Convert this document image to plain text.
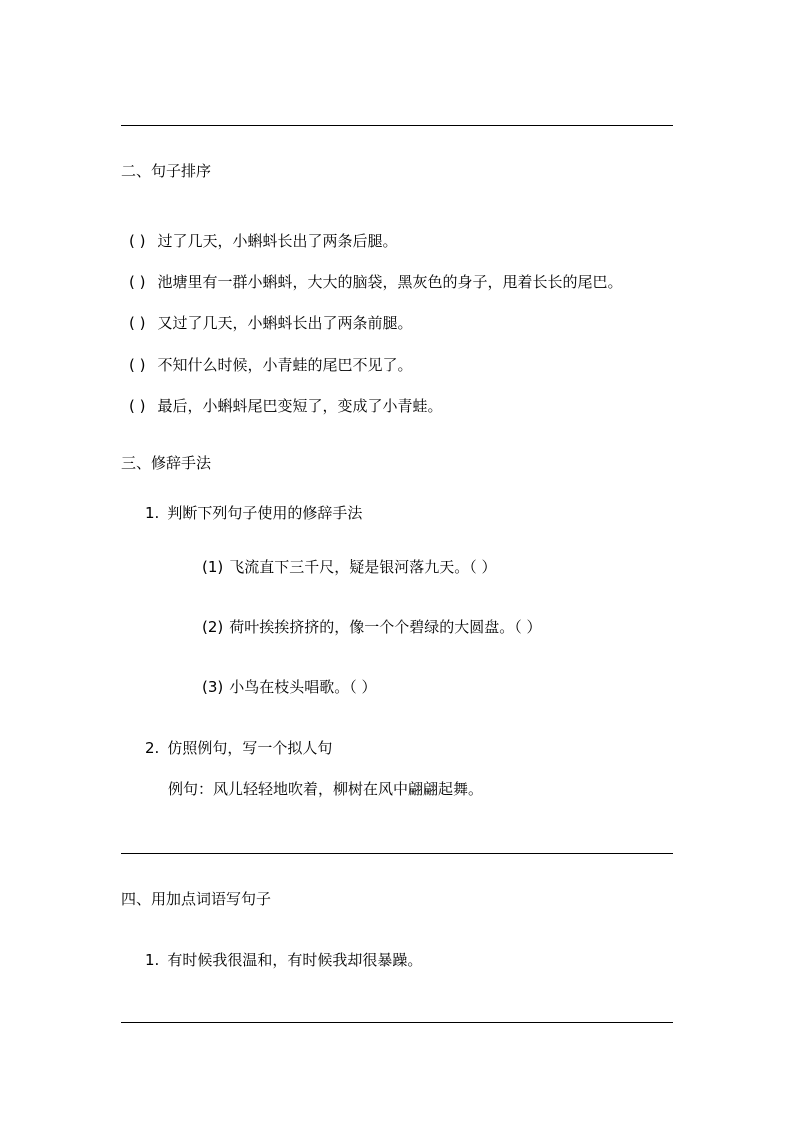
二、句子排序
( ) 过了几天，小蝌蚪长出了两条后腿。
( ) 池塘里有一群小蝌蚪，大大的脑袋，黑灰色的身子，甩着长长的尾巴。
( ) 又过了几天，小蝌蚪长出了两条前腿。
( ) 不知什么时候，小青蛙的尾巴不见了。
( ) 最后，小蝌蚪尾巴变短了，变成了小青蛙。
三、修辞手法
1. 判断下列句子使用的修辞手法
(1) 飞流直下三千尺，疑是银河落九天。（ ）
(2) 荷叶挨挨挤挤的，像一个个碧绿的大圆盘。（ ）
(3) 小鸟在枝头唱歌。（ ）
2. 仿照例句，写一个拟人句
例句：风儿轻轻地吹着，柳树在风中翩翩起舞。
四、用加点词语写句子
1. 有时候我很温和，有时候我却很暴躁。
